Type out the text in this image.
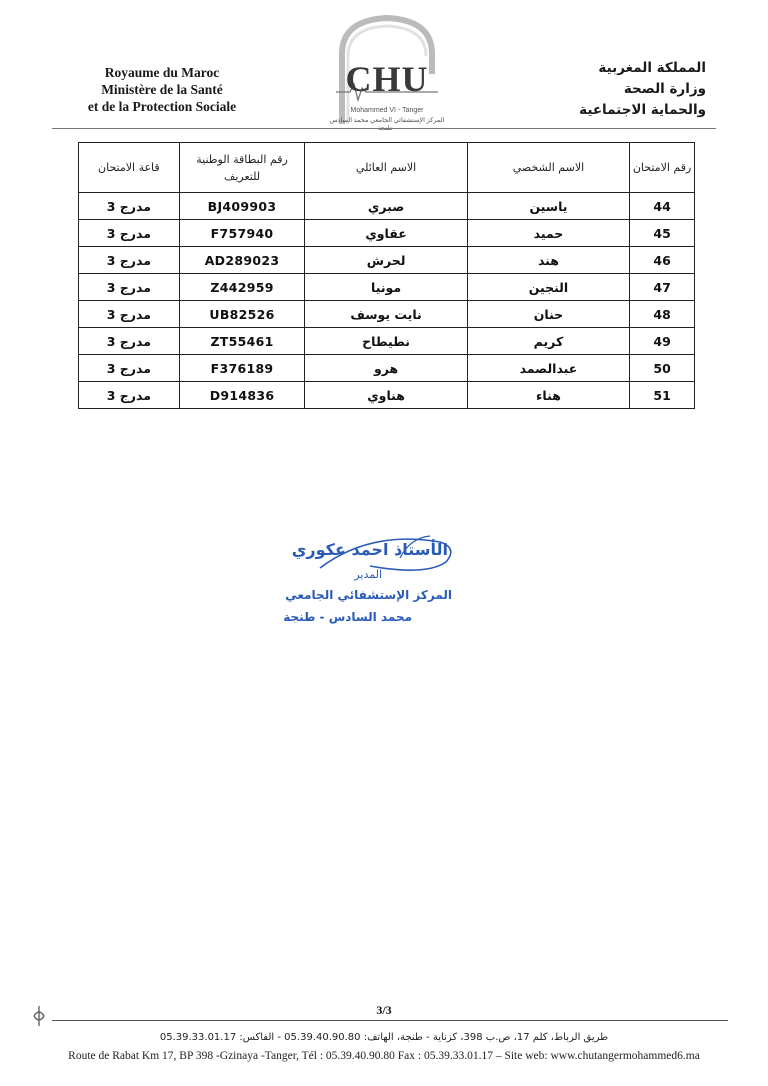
Royaume du Maroc
Ministère de la Santé
et de la Protection Sociale
CHU
Mohammed VI - Tanger
المركز الإستشفائي الجامعي محمد السادس - طنجة
المملكة المغربية
وزارة الصحة
والحماية الاجتماعية
رقم الامتحان	الاسم الشخصي	الاسم العائلي	رقم البطاقة الوطنية للتعريف	قاعة الامتحان
44	ياسين	صبري	BJ409903	مدرج 3
45	حميد	عقاوي	F757940	مدرج 3
46	هند	لحرش	AD289023	مدرج 3
47	النجين	مونيا	Z442959	مدرج 3
48	حنان	نايت يوسف	UB82526	مدرج 3
49	كريم	نطيطاح	ZT55461	مدرج 3
50	عبدالصمد	هرو	F376189	مدرج 3
51	هناء	هناوي	D914836	مدرج 3
الأستاذ احمد عكوري
المدير
المركز الإستشفائي الجامعي
محمد السادس - طنجة
3/3
طريق الرباط، كلم 17، ص.ب 398، كزناية - طنجة، الهاتف: 05.39.40.90.80 - الفاكس: 05.39.33.01.17
Route de Rabat Km 17, BP 398 -Gzinaya -Tanger, Tél : 05.39.40.90.80 Fax : 05.39.33.01.17 – Site web: www.chutangermohammed6.ma
